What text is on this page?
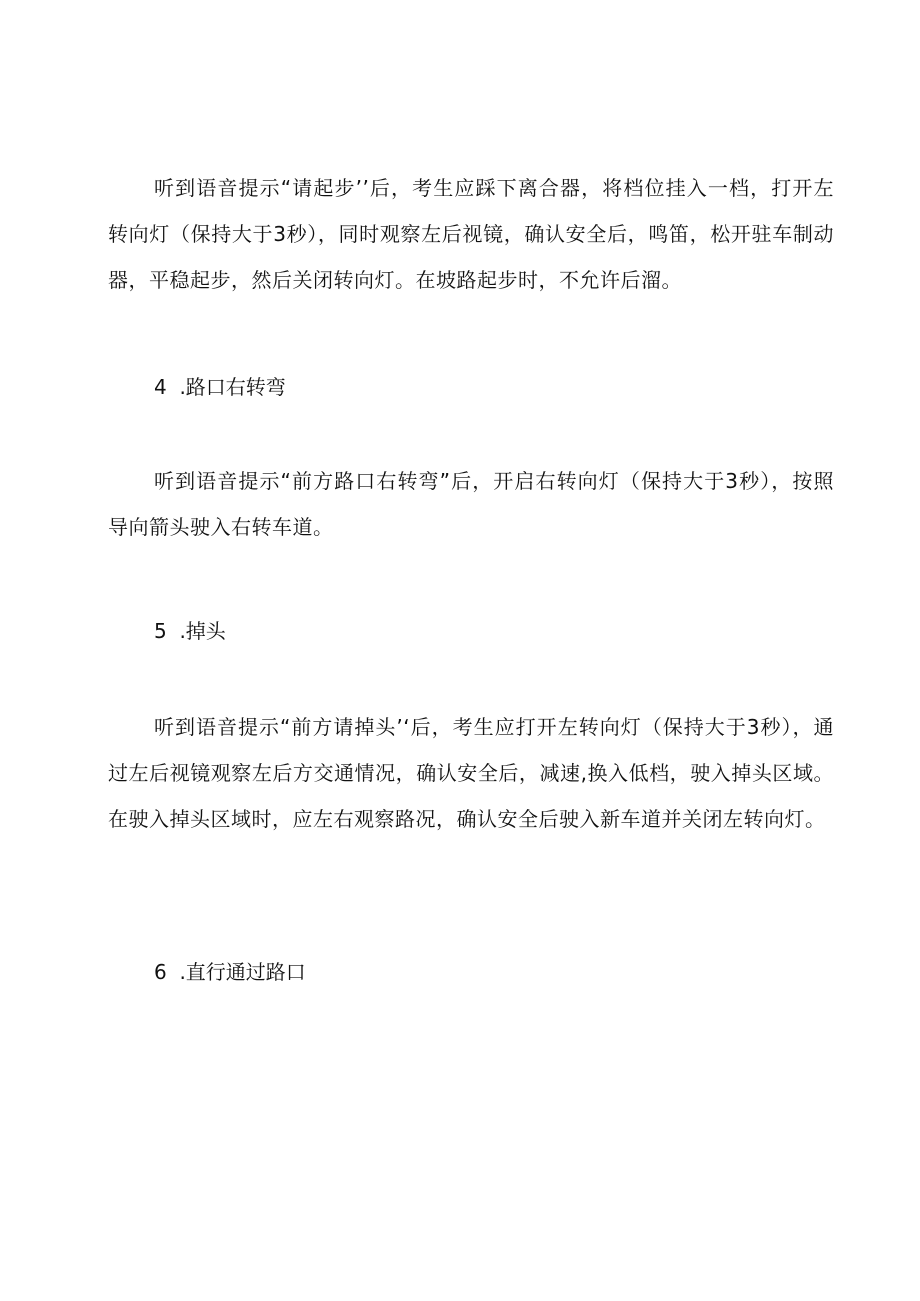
听到语音提示“请起步’’后，考生应踩下离合器，将档位挂入一档，打开左转向灯（保持大于3秒），同时观察左后视镜，确认安全后，鸣笛，松开驻车制动器，平稳起步，然后关闭转向灯。在坡路起步时，不允许后溜。

4  .路口右转弯

听到语音提示“前方路口右转弯”后，开启右转向灯（保持大于3秒），按照导向箭头驶入右转车道。

5  .掉头

听到语音提示“前方请掉头’‘后，考生应打开左转向灯（保持大于3秒），通过左后视镜观察左后方交通情况，确认安全后，减速,换入低档，驶入掉头区域。在驶入掉头区域时，应左右观察路况，确认安全后驶入新车道并关闭左转向灯。

6  .直行通过路口
